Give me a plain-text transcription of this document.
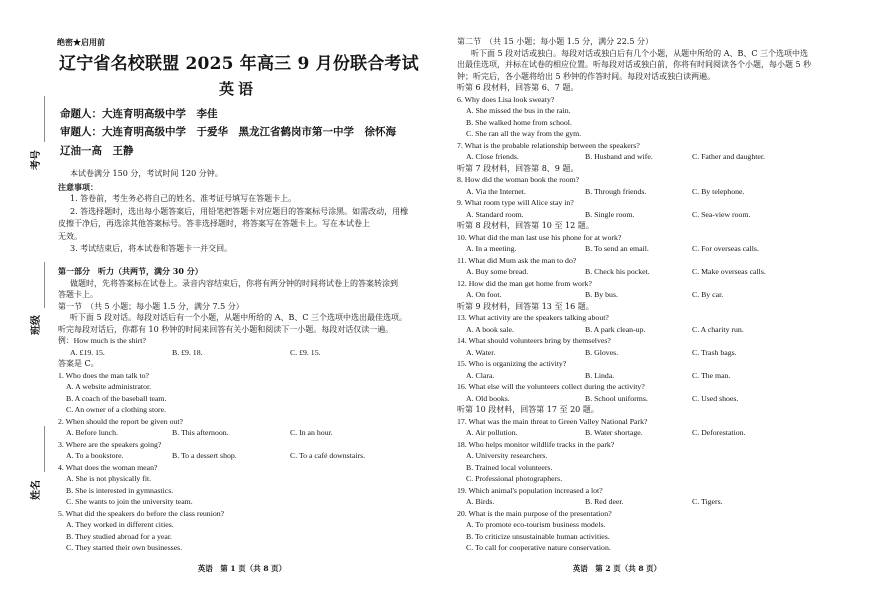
考号
班级
姓名
绝密★启用前
辽宁省名校联盟 2025 年高三 9 月份联合考试
英语
命题人：大连育明高级中学　李佳
审题人：大连育明高级中学　于爱华　黑龙江省鹤岗市第一中学　徐怀海
辽油一高　王静
本试卷满分 150 分，考试时间 120 分钟。
注意事项：
1. 答卷前，考生务必将自己的姓名、准考证号填写在答题卡上。
2. 答选择题时，选出每小题答案后，用铅笔把答题卡对应题目的答案标号涂黑。如需改动，用橡
皮擦干净后，再选涂其他答案标号。答非选择题时，将答案写在答题卡上。写在本试卷上
无效。
3. 考试结束后，将本试卷和答题卡一并交回。
第一部分　听力（共两节，满分 30 分）
做题时，先将答案标在试卷上。录音内容结束后，你将有两分钟的时间将试卷上的答案转涂到
答题卡上。
第一节　（共 5 小题；每小题 1.5 分，满分 7.5 分）
听下面 5 段对话。每段对话后有一个小题，从题中所给的 A、B、C 三个选项中选出最佳选项。
听完每段对话后，你都有 10 秒钟的时间来回答有关小题和阅读下一小题。每段对话仅读一遍。
例：How much is the shirt?
A. £19. 15.	B. £9. 18.	C. £9. 15.
答案是 C。
1. Who does the man talk to?
A. A website administrator.
B. A coach of the baseball team.
C. An owner of a clothing store.
2. When should the report be given out?
A. Before lunch.	B. This afternoon.	C. In an hour.
3. Where are the speakers going?
A. To a bookstore.	B. To a dessert shop.	C. To a café downstairs.
4. What does the woman mean?
A. She is not physically fit.
B. She is interested in gymnastics.
C. She wants to join the university team.
5. What did the speakers do before the class reunion?
A. They worked in different cities.
B. They studied abroad for a year.
C. They started their own businesses.
英语　第 1 页（共 8 页）
第二节　（共 15 小题；每小题 1.5 分，满分 22.5 分）
听下面 5 段对话或独白。每段对话或独白后有几个小题，从题中所给的 A、B、C 三个选项中选
出最佳选项，并标在试卷的相应位置。听每段对话或独白前，你将有时间阅读各个小题，每小题 5 秒
钟；听完后，各小题将给出 5 秒钟的作答时间。每段对话或独白读两遍。
听第 6 段材料，回答第 6、7 题。
6. Why does Lisa look sweaty?
A. She missed the bus in the rain.
B. She walked home from school.
C. She ran all the way from the gym.
7. What is the probable relationship between the speakers?
A. Close friends.	B. Husband and wife.	C. Father and daughter.
听第 7 段材料，回答第 8、9 题。
8. How did the woman book the room?
A. Via the Internet.	B. Through friends.	C. By telephone.
9. What room type will Alice stay in?
A. Standard room.	B. Single room.	C. Sea-view room.
听第 8 段材料，回答第 10 至 12 题。
10. What did the man last use his phone for at work?
A. In a meeting.	B. To send an email.	C. For overseas calls.
11. What did Mum ask the man to do?
A. Buy some bread.	B. Check his pocket.	C. Make overseas calls.
12. How did the man get home from work?
A. On foot.	B. By bus.	C. By car.
听第 9 段材料，回答第 13 至 16 题。
13. What activity are the speakers talking about?
A. A book sale.	B. A park clean-up.	C. A charity run.
14. What should volunteers bring by themselves?
A. Water.	B. Gloves.	C. Trash bags.
15. Who is organizing the activity?
A. Clara.	B. Linda.	C. The man.
16. What else will the volunteers collect during the activity?
A. Old books.	B. School uniforms.	C. Used shoes.
听第 10 段材料，回答第 17 至 20 题。
17. What was the main threat to Green Valley National Park?
A. Air pollution.	B. Water shortage.	C. Deforestation.
18. Who helps monitor wildlife tracks in the park?
A. University researchers.
B. Trained local volunteers.
C. Professional photographers.
19. Which animal's population increased a lot?
A. Birds.	B. Red deer.	C. Tigers.
20. What is the main purpose of the presentation?
A. To promote eco-tourism business models.
B. To criticize unsustainable human activities.
C. To call for cooperative nature conservation.
英语　第 2 页（共 8 页）
